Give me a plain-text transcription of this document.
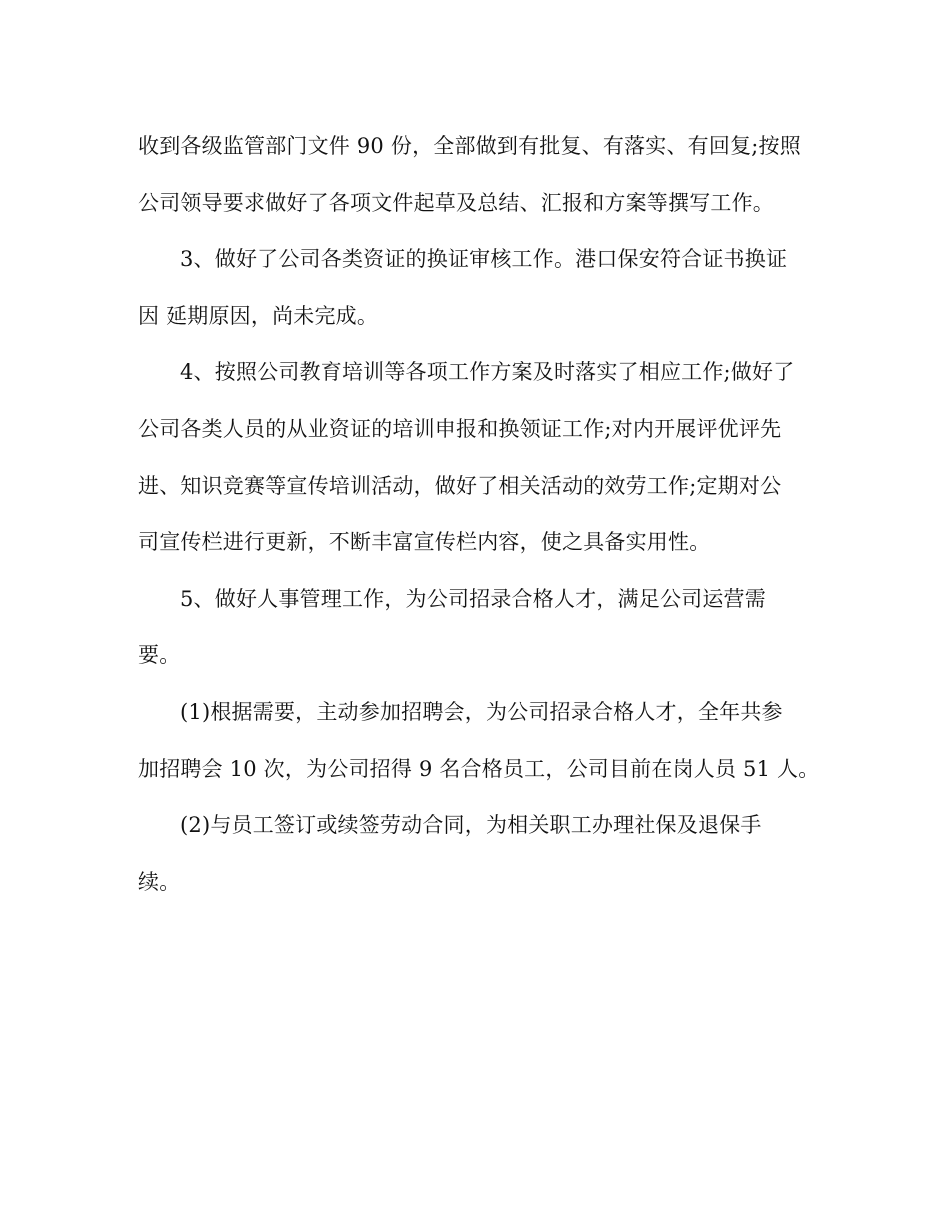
收到各级监管部门文件 90 份，全部做到有批复、有落实、有回复;按照
公司领导要求做好了各项文件起草及总结、汇报和方案等撰写工作。
3、做好了公司各类资证的换证审核工作。港口保安符合证书换证
因 延期原因，尚未完成。
4、按照公司教育培训等各项工作方案及时落实了相应工作;做好了
公司各类人员的从业资证的培训申报和换领证工作;对内开展评优评先
进、知识竞赛等宣传培训活动，做好了相关活动的效劳工作;定期对公
司宣传栏进行更新，不断丰富宣传栏内容，使之具备实用性。
5、做好人事管理工作，为公司招录合格人才，满足公司运营需
要。
(1)根据需要，主动参加招聘会，为公司招录合格人才，全年共参
加招聘会 10 次，为公司招得 9 名合格员工，公司目前在岗人员 51 人。
(2)与员工签订或续签劳动合同，为相关职工办理社保及退保手
续。
